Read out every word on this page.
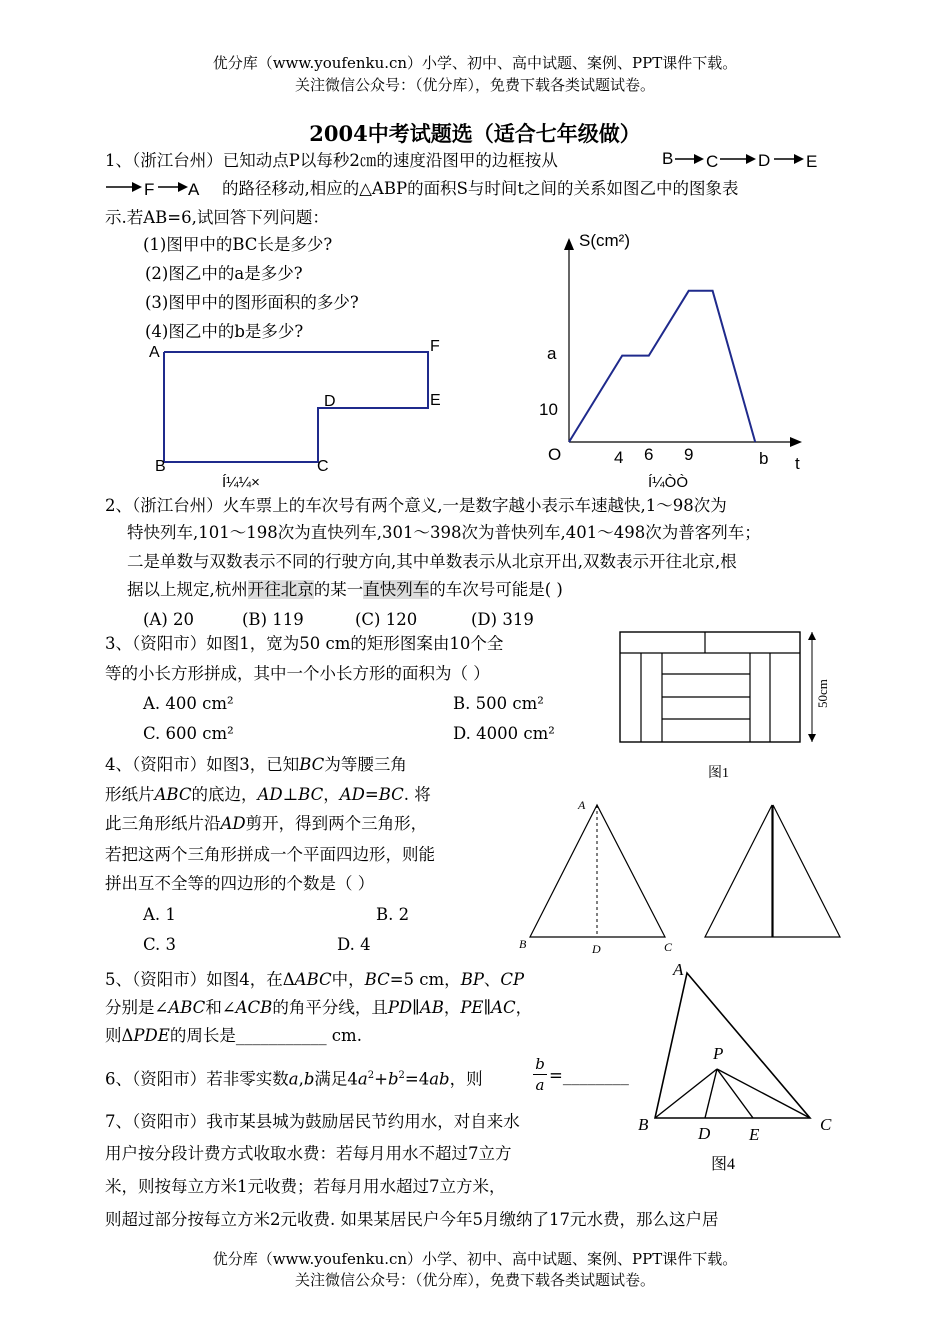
优分库（www.youfenku.cn）小学、初中、高中试题、案例、PPT课件下载。
关注微信公众号：（优分库），免费下载各类试题试卷。
2004中考试题选（适合七年级做）
1、（浙江台州）已知动点P以每秒2㎝的速度沿图甲的边框按从	B C D E
F A 的路径移动,相应的△ABP的面积S与时间t之间的关系如图乙中的图象表
示.若AB=6,试回答下列问题：
(1)图甲中的BC长是多少?
(2)图乙中的a是多少?
(3)图甲中的图形面积的多少?
(4)图乙中的b是多少?
A	F
D	E
B	C
Í¼¼×
S(cm²)
a
10
O	4 6 9	b t
Í¼ÒÒ
2、（浙江台州）火车票上的车次号有两个意义,一是数字越小表示车速越快,1～98次为
特快列车,101～198次为直快列车,301～398次为普快列车,401～498次为普客列车；
二是单数与双数表示不同的行驶方向,其中单数表示从北京开出,双数表示开往北京,根
据以上规定,杭州开往北京的某一直快列车的车次号可能是( )
(A) 20	(B) 119	(C) 120	(D) 319
3、（资阳市）如图1，宽为50 cm的矩形图案由10个全
等的小长方形拼成，其中一个小长方形的面积为（ ）
A. 400 cm²	B. 500 cm²
C. 600 cm²	D. 4000 cm²
50cm
图1
4、（资阳市）如图3，已知BC为等腰三角
形纸片ABC的底边，AD⊥BC，AD=BC. 将
此三角形纸片沿AD剪开，得到两个三角形，
若把这两个三角形拼成一个平面四边形，则能
拼出互不全等的四边形的个数是（ ）
A. 1	B. 2
C. 3	D. 4
A
B	D	C
5、（资阳市）如图4，在ΔABC中，BC=5 cm，BP、CP
分别是∠ABC和∠ACB的角平分线，且PD∥AB，PE∥AC，
则ΔPDE的周长是___________ cm.
A
P
B	D E
C
图4
6、（资阳市）若非零实数a,b满足$4a^2+b^2=4ab$，则	$\frac{b}{a}$ =________
7、（资阳市）我市某县城为鼓励居民节约用水，对自来水
用户按分段计费方式收取水费：若每月用水不超过7立方
米，则按每立方米1元收费；若每月用水超过7立方米，
则超过部分按每立方米2元收费. 如果某居民户今年5月缴纳了17元水费，那么这户居
优分库（www.youfenku.cn）小学、初中、高中试题、案例、PPT课件下载。
关注微信公众号：（优分库），免费下载各类试题试卷。
